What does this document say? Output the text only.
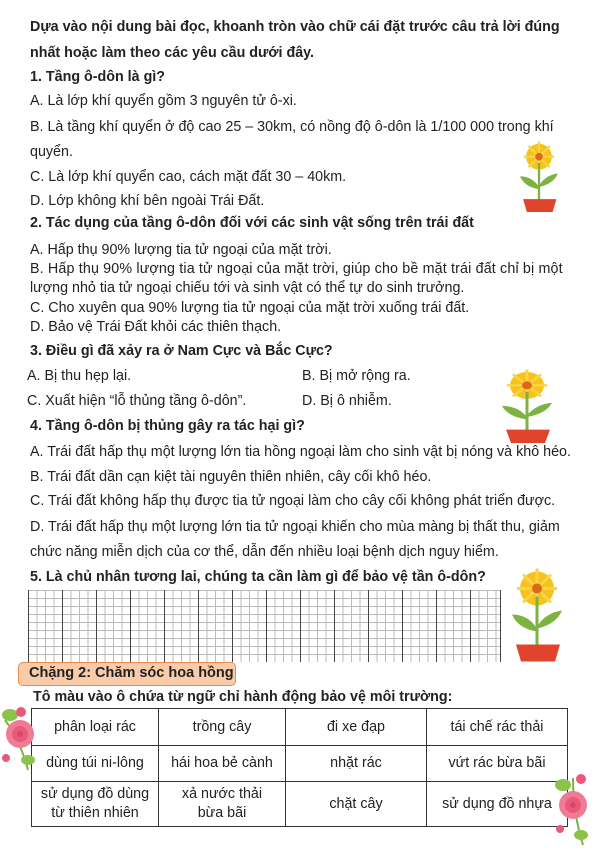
Dựa vào nội dung bài đọc, khoanh tròn vào chữ cái đặt trước câu trả lời đúng
nhất hoặc làm theo các yêu cầu dưới đây.
1. Tầng ô-dôn là gì?
A. Là lớp khí quyển gồm 3 nguyên tử ô-xi.
B. Là tầng khí quyển ở độ cao 25 – 30km, có nồng độ ô-dôn là 1/100 000 trong khí
quyển.
C. Là lớp khí quyển cao, cách mặt đất 30 – 40km.
D. Lớp không khí bên ngoài Trái Đất.
2. Tác dụng của tầng ô-dôn đối với các sinh vật sống trên trái đất
A. Hấp thụ 90% lượng tia tử ngoại của mặt trời.
B. Hấp thụ 90% lượng tia tử ngoại của mặt trời, giúp cho bề mặt trái đất chỉ bị một
lượng nhỏ tia tử ngoại chiếu tới và sinh vật có thể tự do sinh trưởng.
C. Cho xuyên qua 90% lượng tia tử ngoại của mặt trời xuống trái đất.
D. Bảo vệ Trái Đất khỏi các thiên thạch.
3. Điều gì đã xảy ra ở Nam Cực và Bắc Cực?
A. Bị thu hẹp lại.	B. Bị mở rộng ra.
C. Xuất hiện “lỗ thủng tầng ô-dôn”.	D. Bị ô nhiễm.
4. Tầng ô-dôn bị thủng gây ra tác hại gì?
A. Trái đất hấp thụ một lượng lớn tia hồng ngoại làm cho sinh vật bị nóng và khô héo.
B. Trái đất dần cạn kiệt tài nguyên thiên nhiên, cây cối khô héo.
C. Trái đất không hấp thụ được tia tử ngoại làm cho cây cối không phát triển được.
D. Trái đất hấp thụ một lượng lớn tia tử ngoại khiến cho mùa màng bị thất thu, giảm
chức năng miễn dịch của cơ thể, dẫn đến nhiều loại bệnh dịch nguy hiểm.
5. Là chủ nhân tương lai, chúng ta cần làm gì để bảo vệ tần ô-dôn?
Chặng 2: Chăm sóc hoa hồng
Tô màu vào ô chứa từ ngữ chỉ hành động bảo vệ môi trường:
phân loại rác	trồng cây	đi xe đạp	tái chế rác thải
dùng túi ni-lông	hái hoa bẻ cành	nhặt rác	vứt rác bừa bãi
sử dụng đồ dùng từ thiên nhiên	xả nước thải bừa bãi	chặt cây	sử dụng đồ nhựa
